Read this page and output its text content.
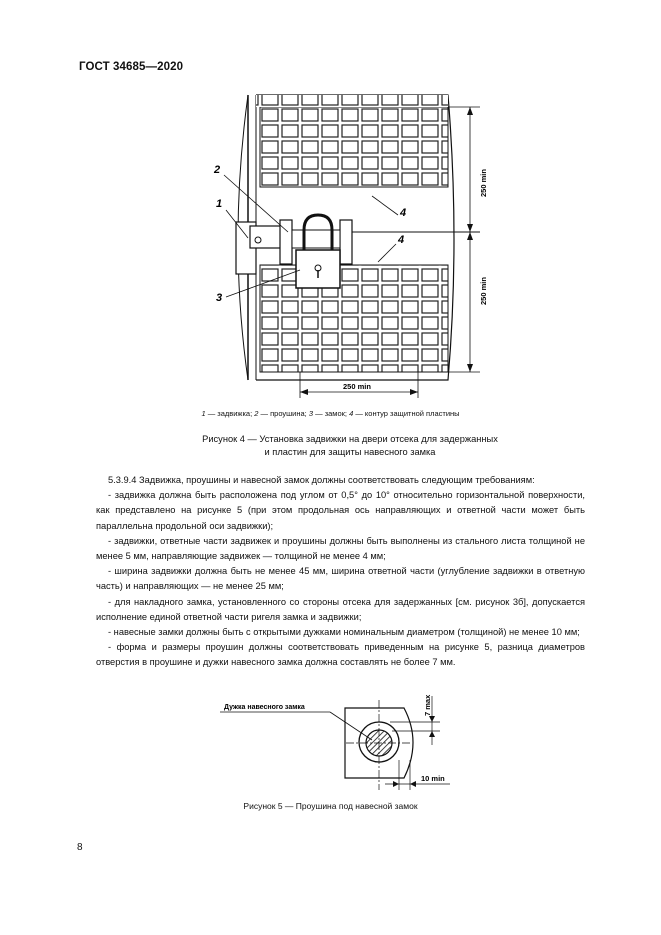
ГОСТ 34685—2020
250 min
250 min
250 min
1
2
3
4
4
1 — задвижка; 2 — проушина; 3 — замок; 4 — контур защитной пластины
Рисунок 4 — Установка задвижки на двери отсека для задержанных
и пластин для защиты навесного замка

5.3.9.4 Задвижка, проушины и навесной замок должны соответствовать следующим требованиям:

- задвижка должна быть расположена под углом от 0,5° до 10° относительно горизонтальной поверхности, как представлено на рисунке 5 (при этом продольная ось направляющих и ответной части может быть параллельна продольной оси задвижки);

- задвижки, ответные части задвижек и проушины должны быть выполнены из стального листа толщиной не менее 5 мм, направляющие задвижек — толщиной не менее 4 мм;

- ширина задвижки должна быть не менее 45 мм, ширина ответной части (углубление задвижки в ответную часть) и направляющих — не менее 25 мм;

- для накладного замка, установленного со стороны отсека для задержанных [см. рисунок 3б], допускается исполнение единой ответной части ригеля замка и задвижки;

- навесные замки должны быть с открытыми дужками номинальным диаметром (толщиной) не менее 10 мм;

- форма и размеры проушин должны соответствовать приведенным на рисунке 5, разница диаметров отверстия в проушине и дужки навесного замка должна составлять не более 7 мм.

Дужка навесного замка	7 max
10 min
Рисунок 5 — Проушина под навесной замок
8
